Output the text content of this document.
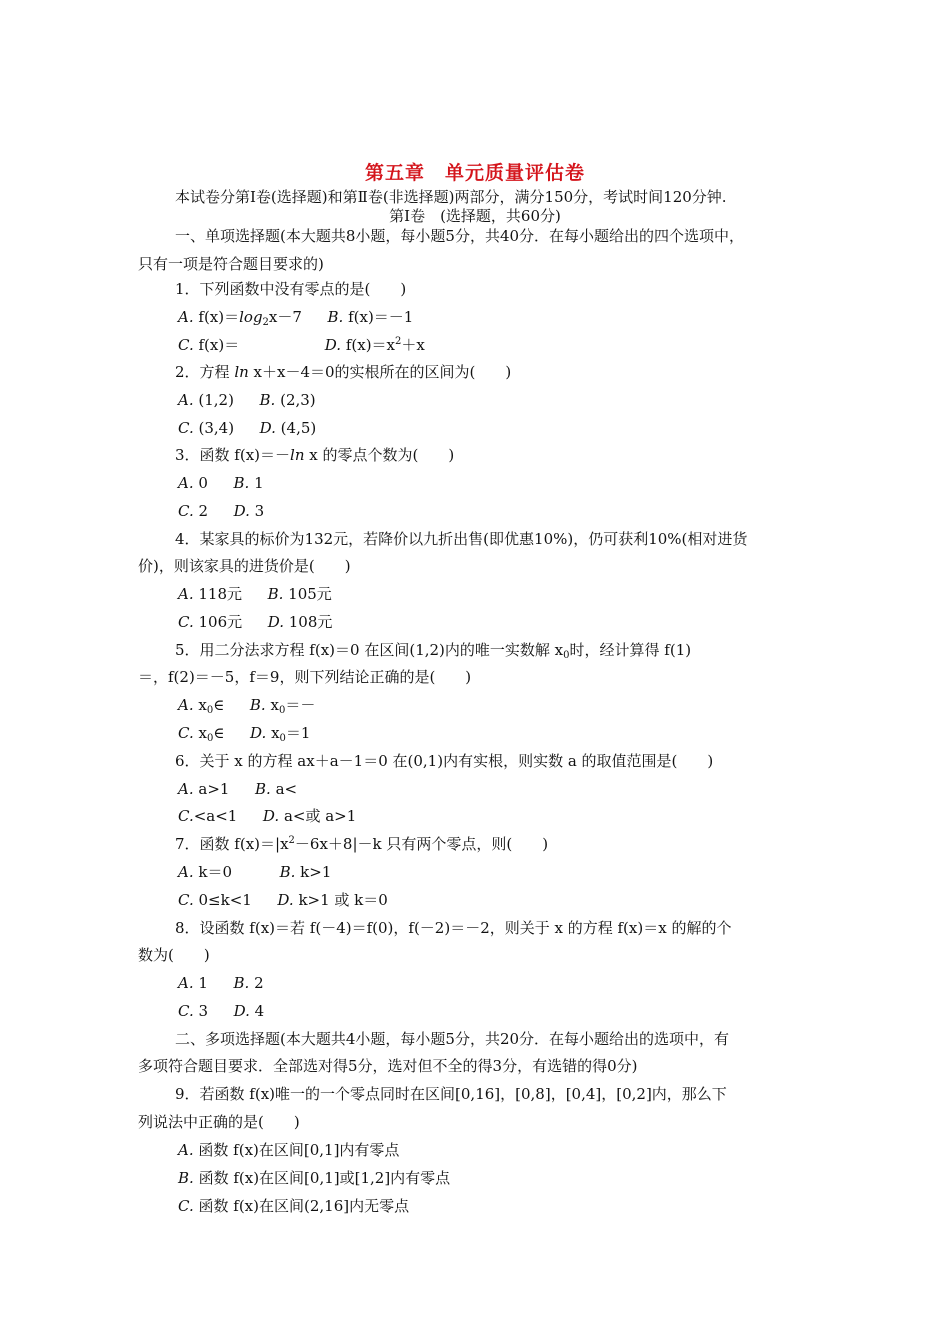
第五章　单元质量评估卷
本试卷分第Ⅰ卷(选择题)和第Ⅱ卷(非选择题)两部分，满分150分，考试时间120分钟.
第Ⅰ卷　(选择题，共60分)
一、单项选择题(本大题共8小题，每小题5分，共40分．在每小题给出的四个选项中，
只有一项是符合题目要求的)
1．下列函数中没有零点的是(　　)
A. $f(x)=\log_2x-7$ B. f(x)＝－1
C. f(x)＝	D. $f(x)=x^2+x$
2．方程 ln x＋x－4＝0的实根所在的区间为(　　)
A. (1,2) B. (2,3)
C. (3,4) D. (4,5)
3．函数 f(x)＝－ln x 的零点个数为(　　)
A. 0 B. 1
C. 2 D. 3
4．某家具的标价为132元，若降价以九折出售(即优惠10%)，仍可获利10%(相对进货
价)，则该家具的进货价是(　　)
A. 118元 B. 105元
C. 106元 D. 108元
5．用二分法求方程 f(x)＝0 在区间(1,2)内的唯一实数解 $x_0$时，经计算得 f(1)
＝，f(2)＝－5，f＝9，则下列结论正确的是(　　)
A. $x_0\in$ B. $x_0=-$
C. $x_0\in$ D. $x_0=1$
6．关于 x 的方程 ax＋a－1＝0 在(0,1)内有实根，则实数 a 的取值范围是(　　)
A. a>1 B. a<
C.<a<1 D. a<或 a>1
7．函数 $f(x)=|x^2-6x+8|-k$ 只有两个零点，则(　　)
A. k＝0	B. k>1
C. 0≤k<1 D. k>1 或 k＝0
8．设函数 f(x)＝若 f(－4)＝f(0)，f(－2)＝－2，则关于 x 的方程 f(x)＝x 的解的个
数为(　　)
A. 1 B. 2
C. 3 D. 4
二、多项选择题(本大题共4小题，每小题5分，共20分．在每小题给出的选项中，有
多项符合题目要求．全部选对得5分，选对但不全的得3分，有选错的得0分)
9．若函数 f(x)唯一的一个零点同时在区间[0,16]，[0,8]，[0,4]，[0,2]内，那么下
列说法中正确的是(　　)
A. 函数 f(x)在区间[0,1]内有零点
B. 函数 f(x)在区间[0,1]或[1,2]内有零点
C. 函数 f(x)在区间(2,16]内无零点
